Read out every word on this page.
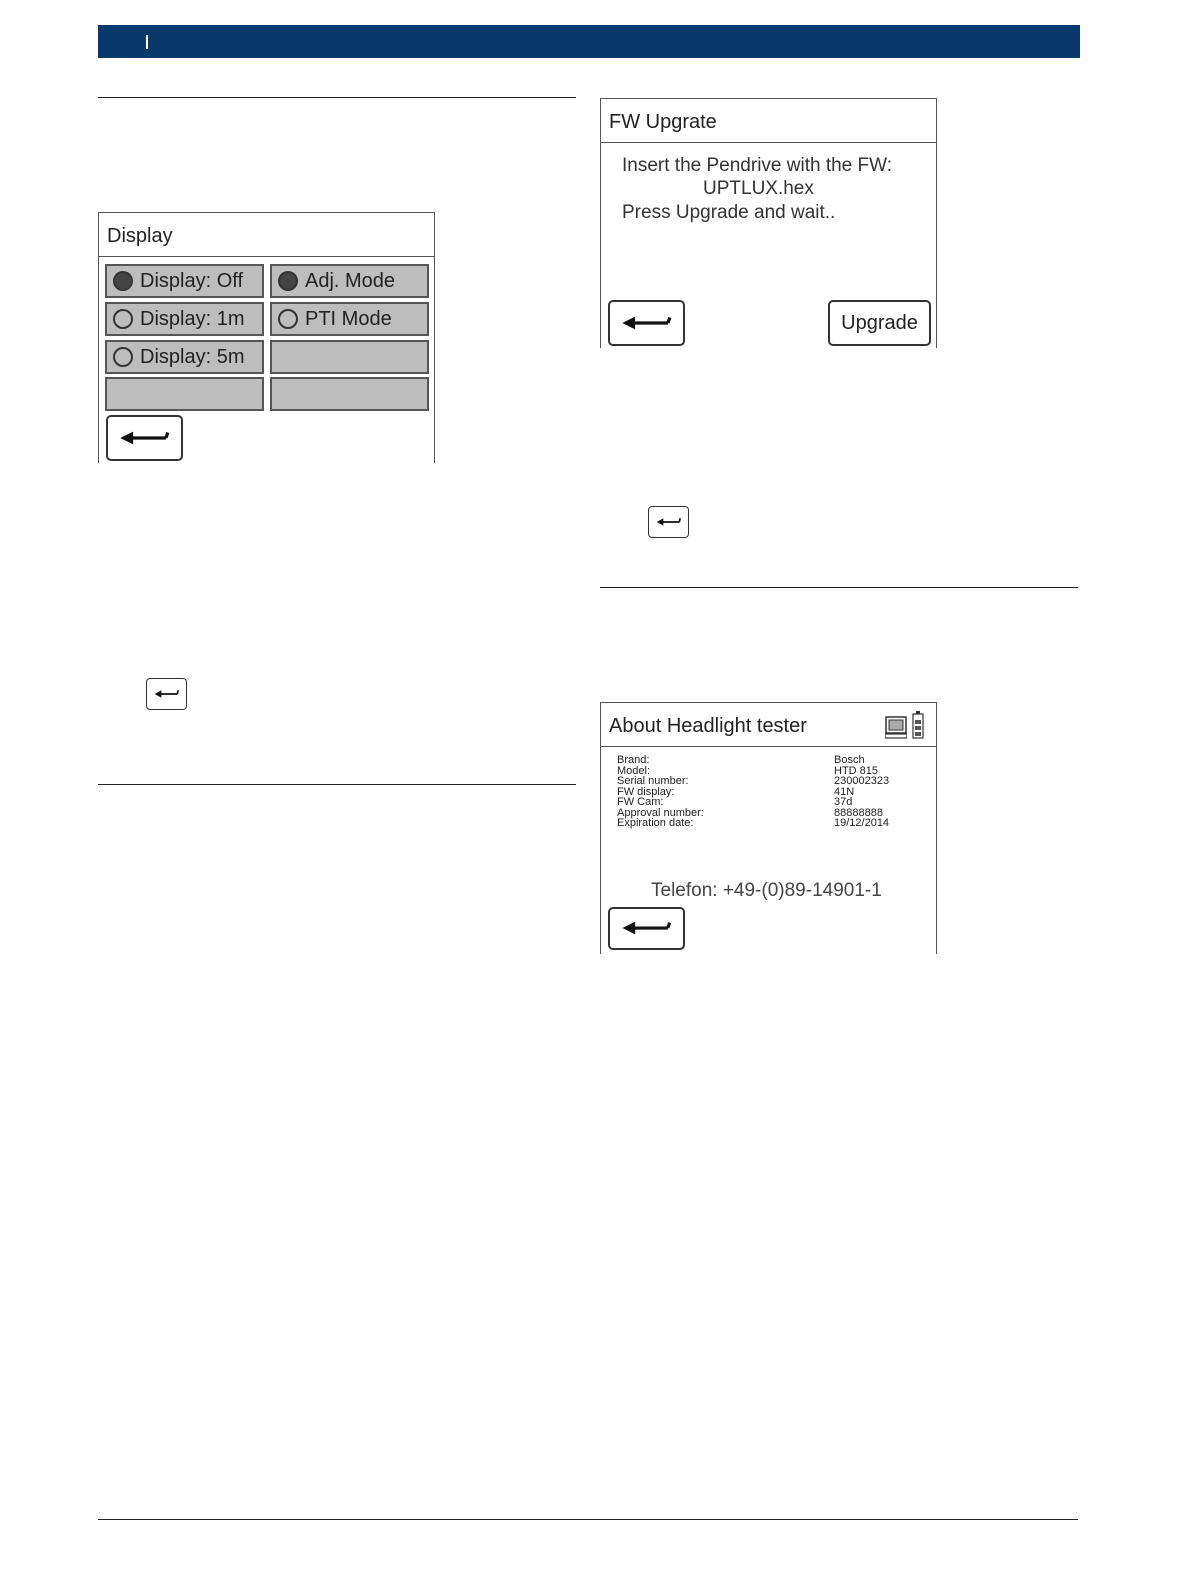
Display
Display: Off	Adj. Mode
Display: 1m	PTI Mode
Display: 5m
FW Upgrate
Insert the Pendrive with the FW:
UPTLUX.hex
Press Upgrade and wait..
Upgrade
About Headlight tester
Brand:	Bosch
Model:	HTD 815
Serial number:	230002323
FW display:	41N
FW Cam:	37d
Approval number:	88888888
Expiration date:	19/12/2014
Telefon: +49-(0)89-14901-1
